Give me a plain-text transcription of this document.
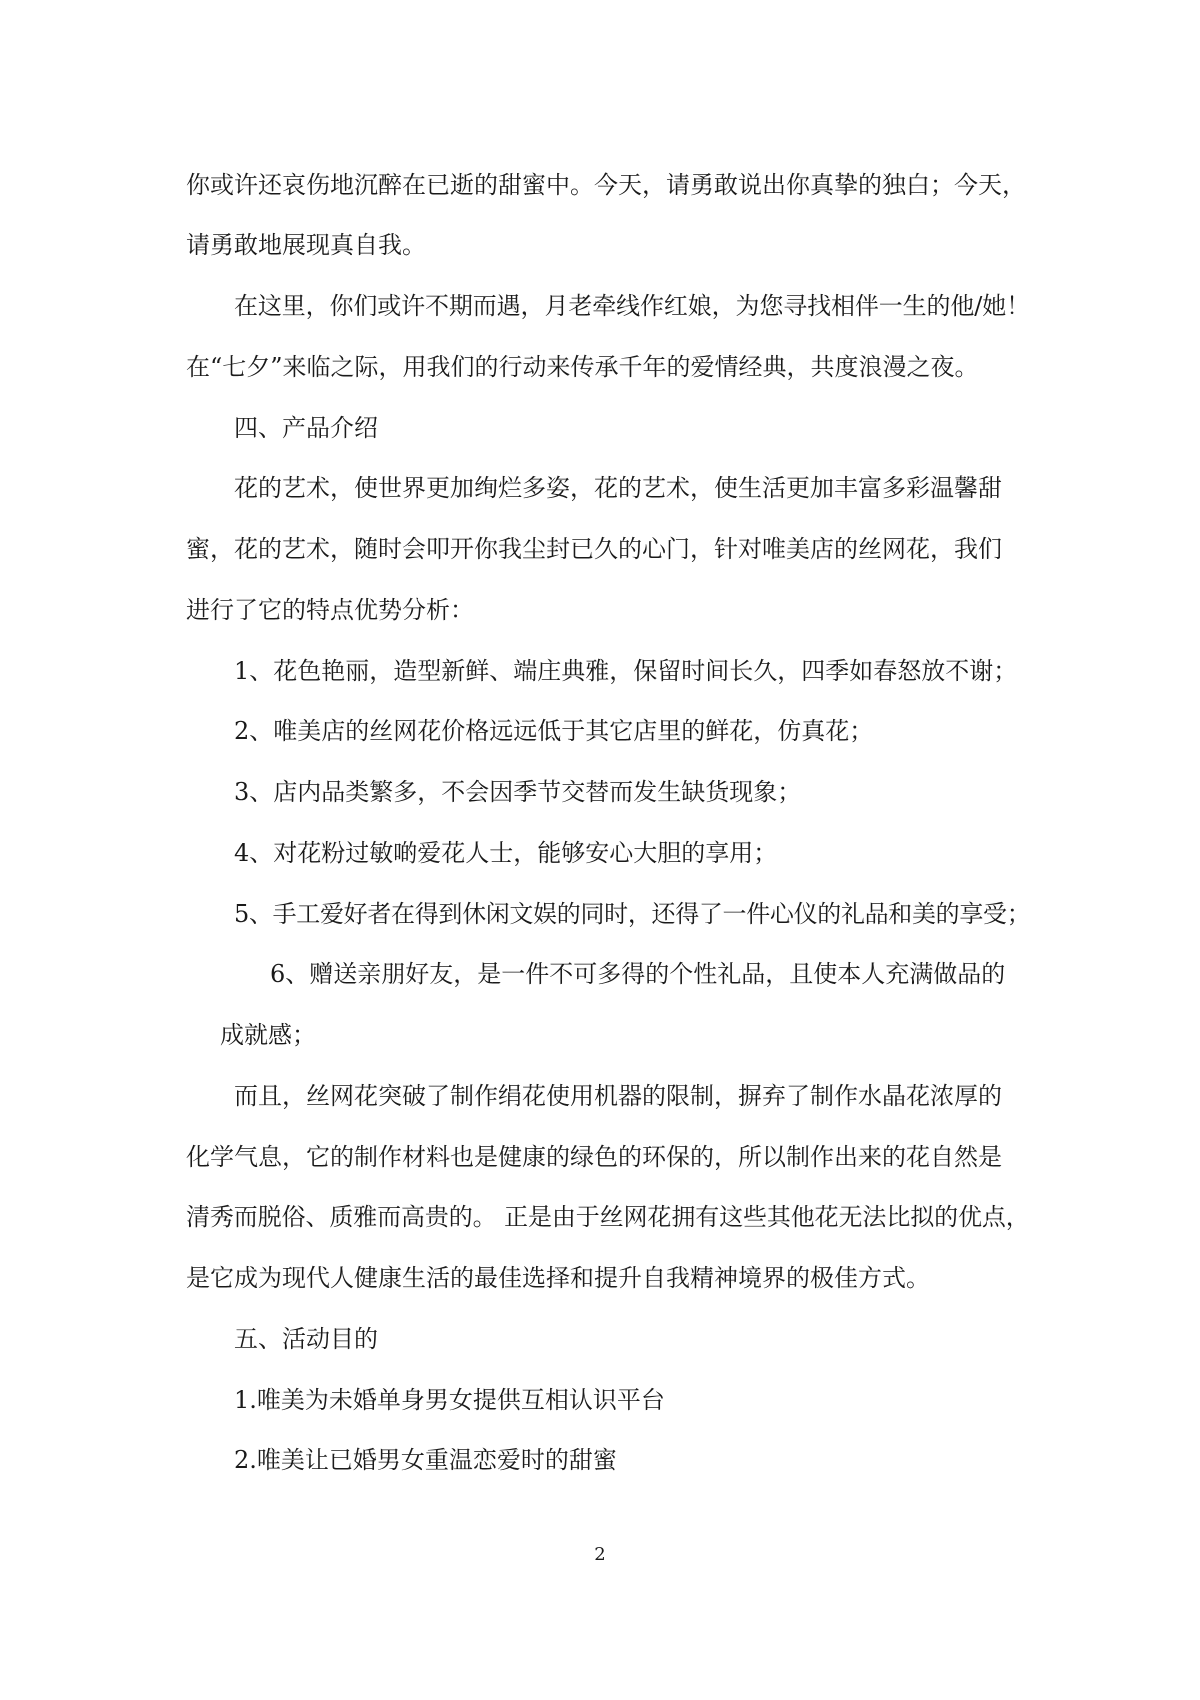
你或许还哀伤地沉醉在已逝的甜蜜中。今天，请勇敢说出你真挚的独白；今天，
请勇敢地展现真自我。
在这里，你们或许不期而遇，月老牵线作红娘，为您寻找相伴一生的他/她！
在“七夕”来临之际，用我们的行动来传承千年的爱情经典，共度浪漫之夜。
四、产品介绍
花的艺术，使世界更加绚烂多姿，花的艺术，使生活更加丰富多彩温馨甜
蜜，花的艺术，随时会叩开你我尘封已久的心门，针对唯美店的丝网花，我们
进行了它的特点优势分析：
1、花色艳丽，造型新鲜、端庄典雅，保留时间长久，四季如春怒放不谢；
2、唯美店的丝网花价格远远低于其它店里的鲜花，仿真花；
3、店内品类繁多，不会因季节交替而发生缺货现象；
4、对花粉过敏啲爱花人士，能够安心大胆的享用；
5、手工爱好者在得到休闲文娱的同时，还得了一件心仪的礼品和美的享受；
6、赠送亲朋好友，是一件不可多得的个性礼品，且使本人充满做品的
成就感；
而且，丝网花突破了制作绢花使用机器的限制，摒弃了制作水晶花浓厚的
化学气息，它的制作材料也是健康的绿色的环保的，所以制作出来的花自然是
清秀而脱俗、质雅而高贵的。 正是由于丝网花拥有这些其他花无法比拟的优点，
是它成为现代人健康生活的最佳选择和提升自我精神境界的极佳方式。
五、活动目的
1.唯美为未婚单身男女提供互相认识平台
2.唯美让已婚男女重温恋爱时的甜蜜
2
